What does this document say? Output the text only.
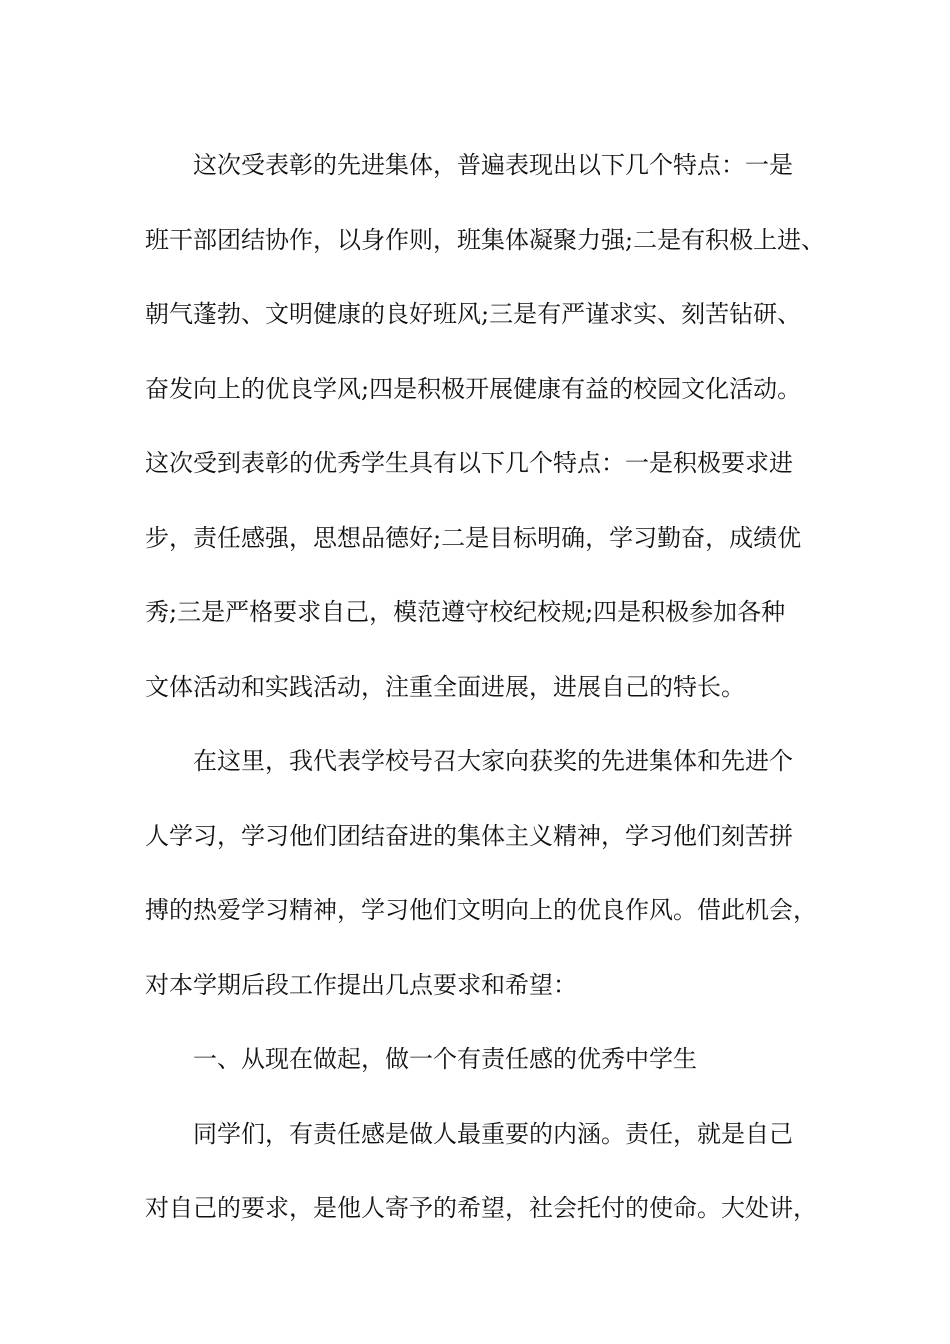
这次受表彰的先进集体，普遍表现出以下几个特点：一是
班干部团结协作，以身作则，班集体凝聚力强;二是有积极上进、
朝气蓬勃、文明健康的良好班风;三是有严谨求实、刻苦钻研、
奋发向上的优良学风;四是积极开展健康有益的校园文化活动。
这次受到表彰的优秀学生具有以下几个特点：一是积极要求进
步，责任感强，思想品德好;二是目标明确，学习勤奋，成绩优
秀;三是严格要求自己，模范遵守校纪校规;四是积极参加各种
文体活动和实践活动，注重全面进展，进展自己的特长。
在这里，我代表学校号召大家向获奖的先进集体和先进个
人学习，学习他们团结奋进的集体主义精神，学习他们刻苦拼
搏的热爱学习精神，学习他们文明向上的优良作风。借此机会，
对本学期后段工作提出几点要求和希望：
一、从现在做起，做一个有责任感的优秀中学生
同学们，有责任感是做人最重要的内涵。责任，就是自己
对自己的要求，是他人寄予的希望，社会托付的使命。大处讲，
